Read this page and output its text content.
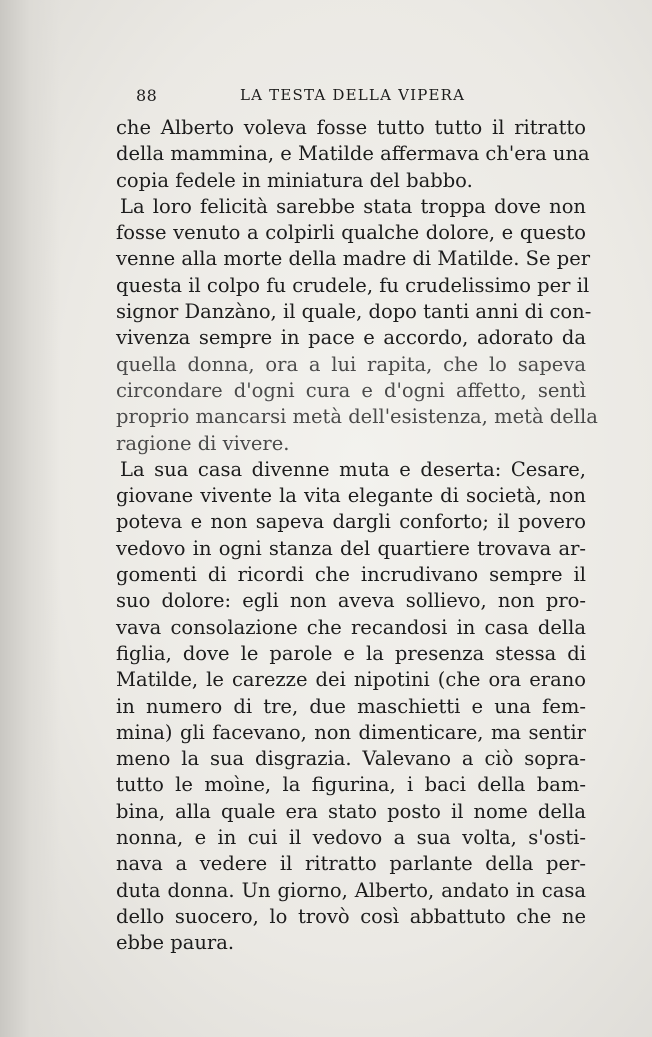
88	LA TESTA DELLA VIPERA
che Alberto voleva fosse tutto tutto il ritratto
della mammina, e Matilde affermava ch'era una
copia fedele in miniatura del babbo.
La loro felicità sarebbe stata troppa dove non
fosse venuto a colpirli qualche dolore, e questo
venne alla morte della madre di Matilde. Se per
questa il colpo fu crudele, fu crudelissimo per il
signor Danzàno, il quale, dopo tanti anni di con-
vivenza sempre in pace e accordo, adorato da
quella donna, ora a lui rapita, che lo sapeva
circondare d'ogni cura e d'ogni affetto, sentì
proprio mancarsi metà dell'esistenza, metà della
ragione di vivere.
La sua casa divenne muta e deserta: Cesare,
giovane vivente la vita elegante di società, non
poteva e non sapeva dargli conforto; il povero
vedovo in ogni stanza del quartiere trovava ar-
gomenti di ricordi che incrudivano sempre il
suo dolore: egli non aveva sollievo, non pro-
vava consolazione che recandosi in casa della
figlia, dove le parole e la presenza stessa di
Matilde, le carezze dei nipotini (che ora erano
in numero di tre, due maschietti e una fem-
mina) gli facevano, non dimenticare, ma sentir
meno la sua disgrazia. Valevano a ciò sopra-
tutto le moìne, la figurina, i baci della bam-
bina, alla quale era stato posto il nome della
nonna, e in cui il vedovo a sua volta, s'osti-
nava a vedere il ritratto parlante della per-
duta donna. Un giorno, Alberto, andato in casa
dello suocero, lo trovò così abbattuto che ne
ebbe paura.
